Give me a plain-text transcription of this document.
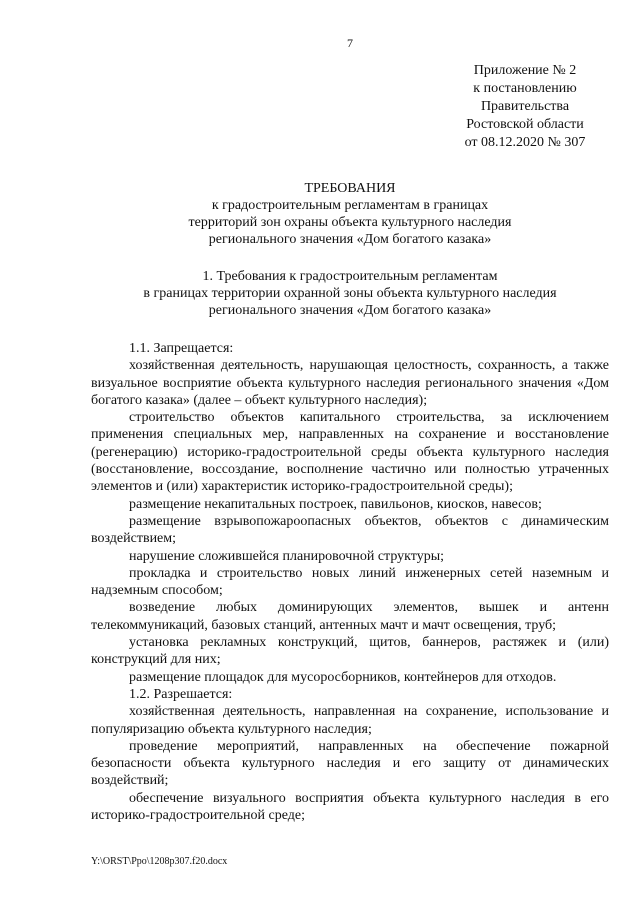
7
Приложение № 2
к постановлению
Правительства
Ростовской области
от 08.12.2020 № 307
ТРЕБОВАНИЯ
к градостроительным регламентам в границах
территорий зон охраны объекта культурного наследия
регионального значения «Дом богатого казака»
1. Требования к градостроительным регламентам
в границах территории охранной зоны объекта культурного наследия
регионального значения «Дом богатого казака»

1.1. Запрещается:

хозяйственная деятельность, нарушающая целостность, сохранность, а также визуальное восприятие объекта культурного наследия регионального значения «Дом богатого казака» (далее – объект культурного наследия);

строительство объектов капитального строительства, за исключением применения специальных мер, направленных на сохранение и восстановление (регенерацию) историко-градостроительной среды объекта культурного наследия (восстановление, воссоздание, восполнение частично или полностью утраченных элементов и (или) характеристик историко-градостроительной среды);

размещение некапитальных построек, павильонов, киосков, навесов;

размещение взрывопожароопасных объектов, объектов с динамическим воздействием;

нарушение сложившейся планировочной структуры;

прокладка и строительство новых линий инженерных сетей наземным и надземным способом;

возведение любых доминирующих элементов, вышек и антенн телекоммуникаций, базовых станций, антенных мачт и мачт освещения, труб;

установка рекламных конструкций, щитов, баннеров, растяжек и (или) конструкций для них;

размещение площадок для мусоросборников, контейнеров для отходов.

1.2. Разрешается:

хозяйственная деятельность, направленная на сохранение, использование и популяризацию объекта культурного наследия;

проведение мероприятий, направленных на обеспечение пожарной безопасности объекта культурного наследия и его защиту от динамических воздействий;

обеспечение визуального восприятия объекта культурного наследия в его историко-градостроительной среде;

Y:\ORST\Ppo\1208p307.f20.docx
